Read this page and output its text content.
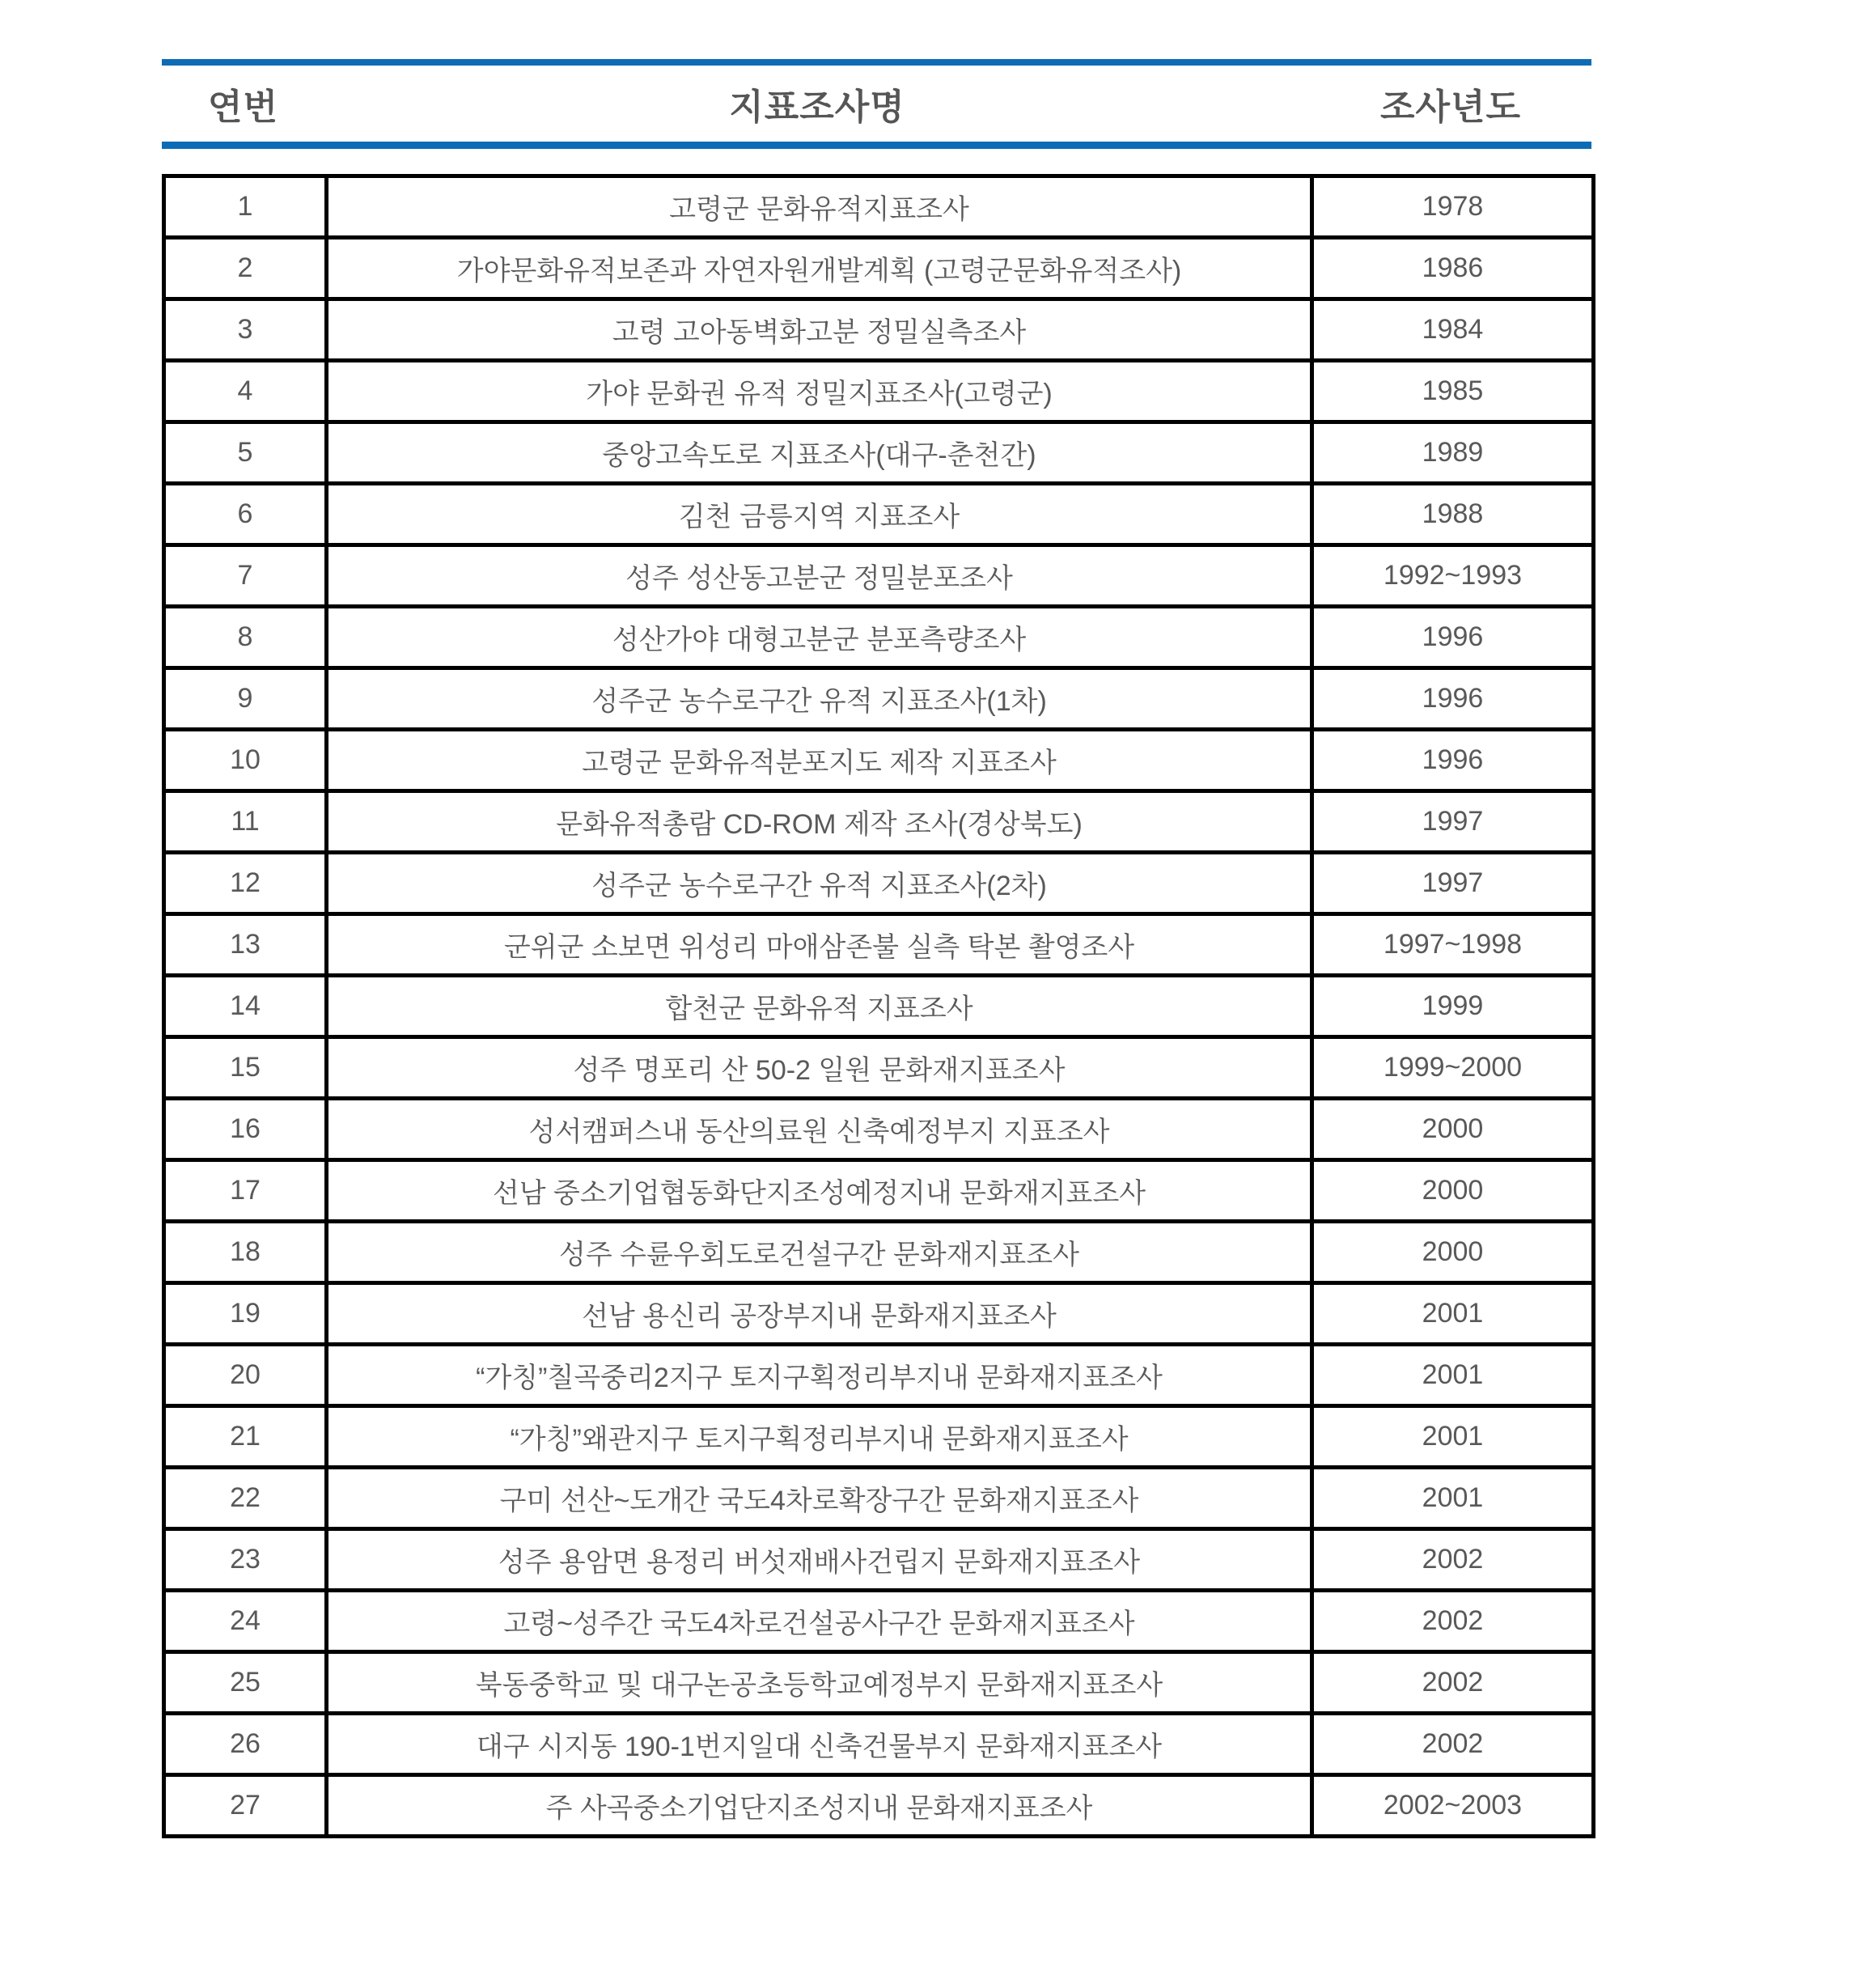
연번	지표조사명	조사년도
1	고령군 문화유적지표조사	1978
2	가야문화유적보존과 자연자원개발계획 (고령군문화유적조사)	1986
3	고령 고아동벽화고분 정밀실측조사	1984
4	가야 문화권 유적 정밀지표조사(고령군)	1985
5	중앙고속도로 지표조사(대구-춘천간)	1989
6	김천 금릉지역 지표조사	1988
7	성주 성산동고분군 정밀분포조사	1992~1993
8	성산가야 대형고분군 분포측량조사	1996
9	성주군 농수로구간 유적 지표조사(1차)	1996
10	고령군 문화유적분포지도 제작 지표조사	1996
11	문화유적총람 CD-ROM 제작 조사(경상북도)	1997
12	성주군 농수로구간 유적 지표조사(2차)	1997
13	군위군 소보면 위성리 마애삼존불 실측 탁본 촬영조사	1997~1998
14	합천군 문화유적 지표조사	1999
15	성주 명포리 산 50-2 일원 문화재지표조사	1999~2000
16	성서캠퍼스내 동산의료원 신축예정부지 지표조사	2000
17	선남 중소기업협동화단지조성예정지내 문화재지표조사	2000
18	성주 수륜우회도로건설구간 문화재지표조사	2000
19	선남 용신리 공장부지내 문화재지표조사	2001
20	“가칭”칠곡중리2지구 토지구획정리부지내 문화재지표조사	2001
21	“가칭”왜관지구 토지구획정리부지내 문화재지표조사	2001
22	구미 선산~도개간 국도4차로확장구간 문화재지표조사	2001
23	성주 용암면 용정리 버섯재배사건립지 문화재지표조사	2002
24	고령~성주간 국도4차로건설공사구간 문화재지표조사	2002
25	북동중학교 및 대구논공초등학교예정부지 문화재지표조사	2002
26	대구 시지동 190-1번지일대 신축건물부지 문화재지표조사	2002
27	주 사곡중소기업단지조성지내 문화재지표조사	2002~2003
